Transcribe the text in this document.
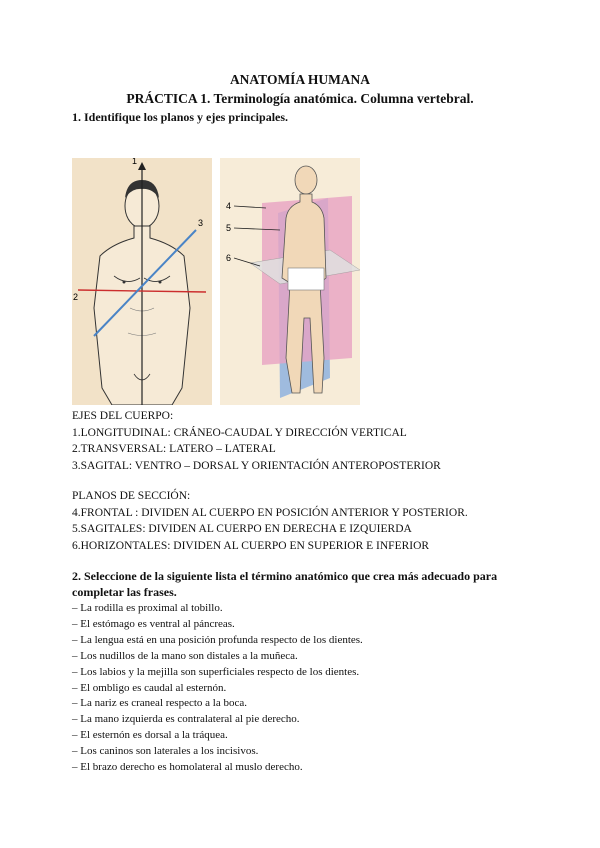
ANATOMÍA HUMANA
PRÁCTICA 1. Terminología anatómica. Columna vertebral.
1. Identifique los planos y ejes principales.
1
2
3
4
5
6
EJES DEL CUERPO:
1.LONGITUDINAL: CRÁNEO-CAUDAL Y DIRECCIÓN VERTICAL
2.TRANSVERSAL: LATERO – LATERAL
3.SAGITAL: VENTRO – DORSAL Y ORIENTACIÓN ANTEROPOSTERIOR
PLANOS DE SECCIÓN:
4.FRONTAL : DIVIDEN AL CUERPO EN POSICIÓN ANTERIOR Y POSTERIOR.
5.SAGITALES: DIVIDEN AL CUERPO EN DERECHA E IZQUIERDA
6.HORIZONTALES: DIVIDEN AL CUERPO EN SUPERIOR E INFERIOR
2. Seleccione de la siguiente lista el término anatómico que crea más adecuado para completar las frases.
– La rodilla es proximal al tobillo.
– El estómago es ventral al páncreas.
– La lengua está en una posición profunda respecto de los dientes.
– Los nudillos de la mano son distales a la muñeca.
– Los labios y la mejilla son superficiales respecto de los dientes.
– El ombligo es caudal al esternón.
– La nariz es craneal respecto a la boca.
– La mano izquierda es contralateral al pie derecho.
– El esternón es dorsal a la tráquea.
– Los caninos son laterales a los incisivos.
– El brazo derecho es homolateral al muslo derecho.
